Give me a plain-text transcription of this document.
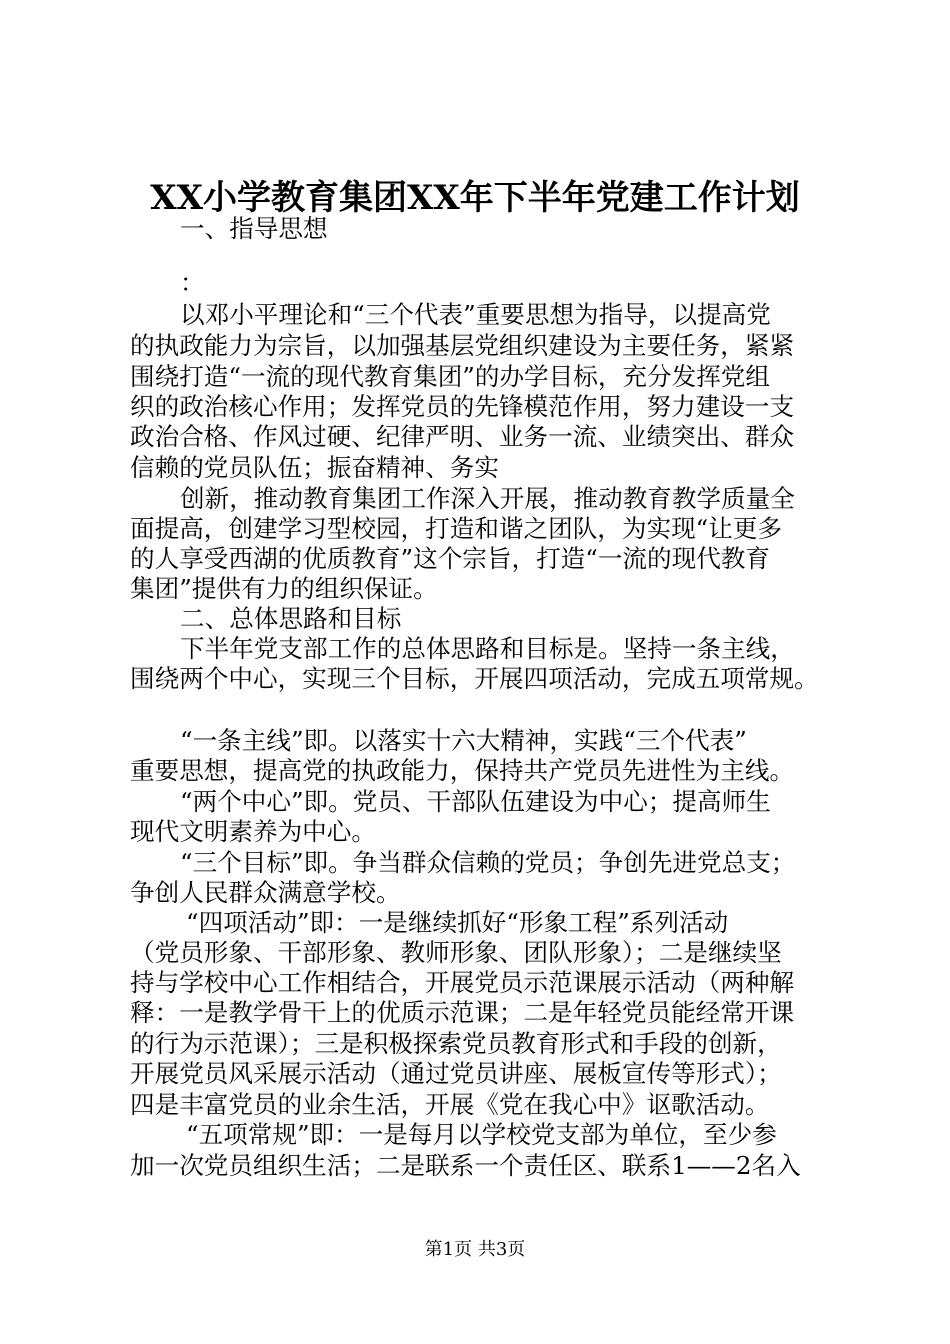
XX小学教育集团XX年下半年党建工作计划
一、指导思想
：
以邓小平理论和“三个代表”重要思想为指导，以提高党
的执政能力为宗旨，以加强基层党组织建设为主要任务，紧紧
围绕打造“一流的现代教育集团”的办学目标，充分发挥党组
织的政治核心作用；发挥党员的先锋模范作用，努力建设一支
政治合格、作风过硬、纪律严明、业务一流、业绩突出、群众
信赖的党员队伍；振奋精神、务实
创新，推动教育集团工作深入开展，推动教育教学质量全
面提高，创建学习型校园，打造和谐之团队，为实现“让更多
的人享受西湖的优质教育”这个宗旨，打造“一流的现代教育
集团”提供有力的组织保证。
二、总体思路和目标
下半年党支部工作的总体思路和目标是。坚持一条主线，
围绕两个中心，实现三个目标，开展四项活动，完成五项常规。
“一条主线”即。以落实十六大精神，实践“三个代表”
重要思想，提高党的执政能力，保持共产党员先进性为主线。
“两个中心”即。党员、干部队伍建设为中心；提高师生
现代文明素养为中心。
“三个目标”即。争当群众信赖的党员；争创先进党总支；
争创人民群众满意学校。
“四项活动”即：一是继续抓好“形象工程”系列活动
（党员形象、干部形象、教师形象、团队形象）；二是继续坚
持与学校中心工作相结合，开展党员示范课展示活动（两种解
释：一是教学骨干上的优质示范课；二是年轻党员能经常开课
的行为示范课）；三是积极探索党员教育形式和手段的创新，
开展党员风采展示活动（通过党员讲座、展板宣传等形式）；
四是丰富党员的业余生活，开展《党在我心中》讴歌活动。
“五项常规”即：一是每月以学校党支部为单位，至少参
加一次党员组织生活；二是联系一个责任区、联系1——2名入
第1页 共3页
